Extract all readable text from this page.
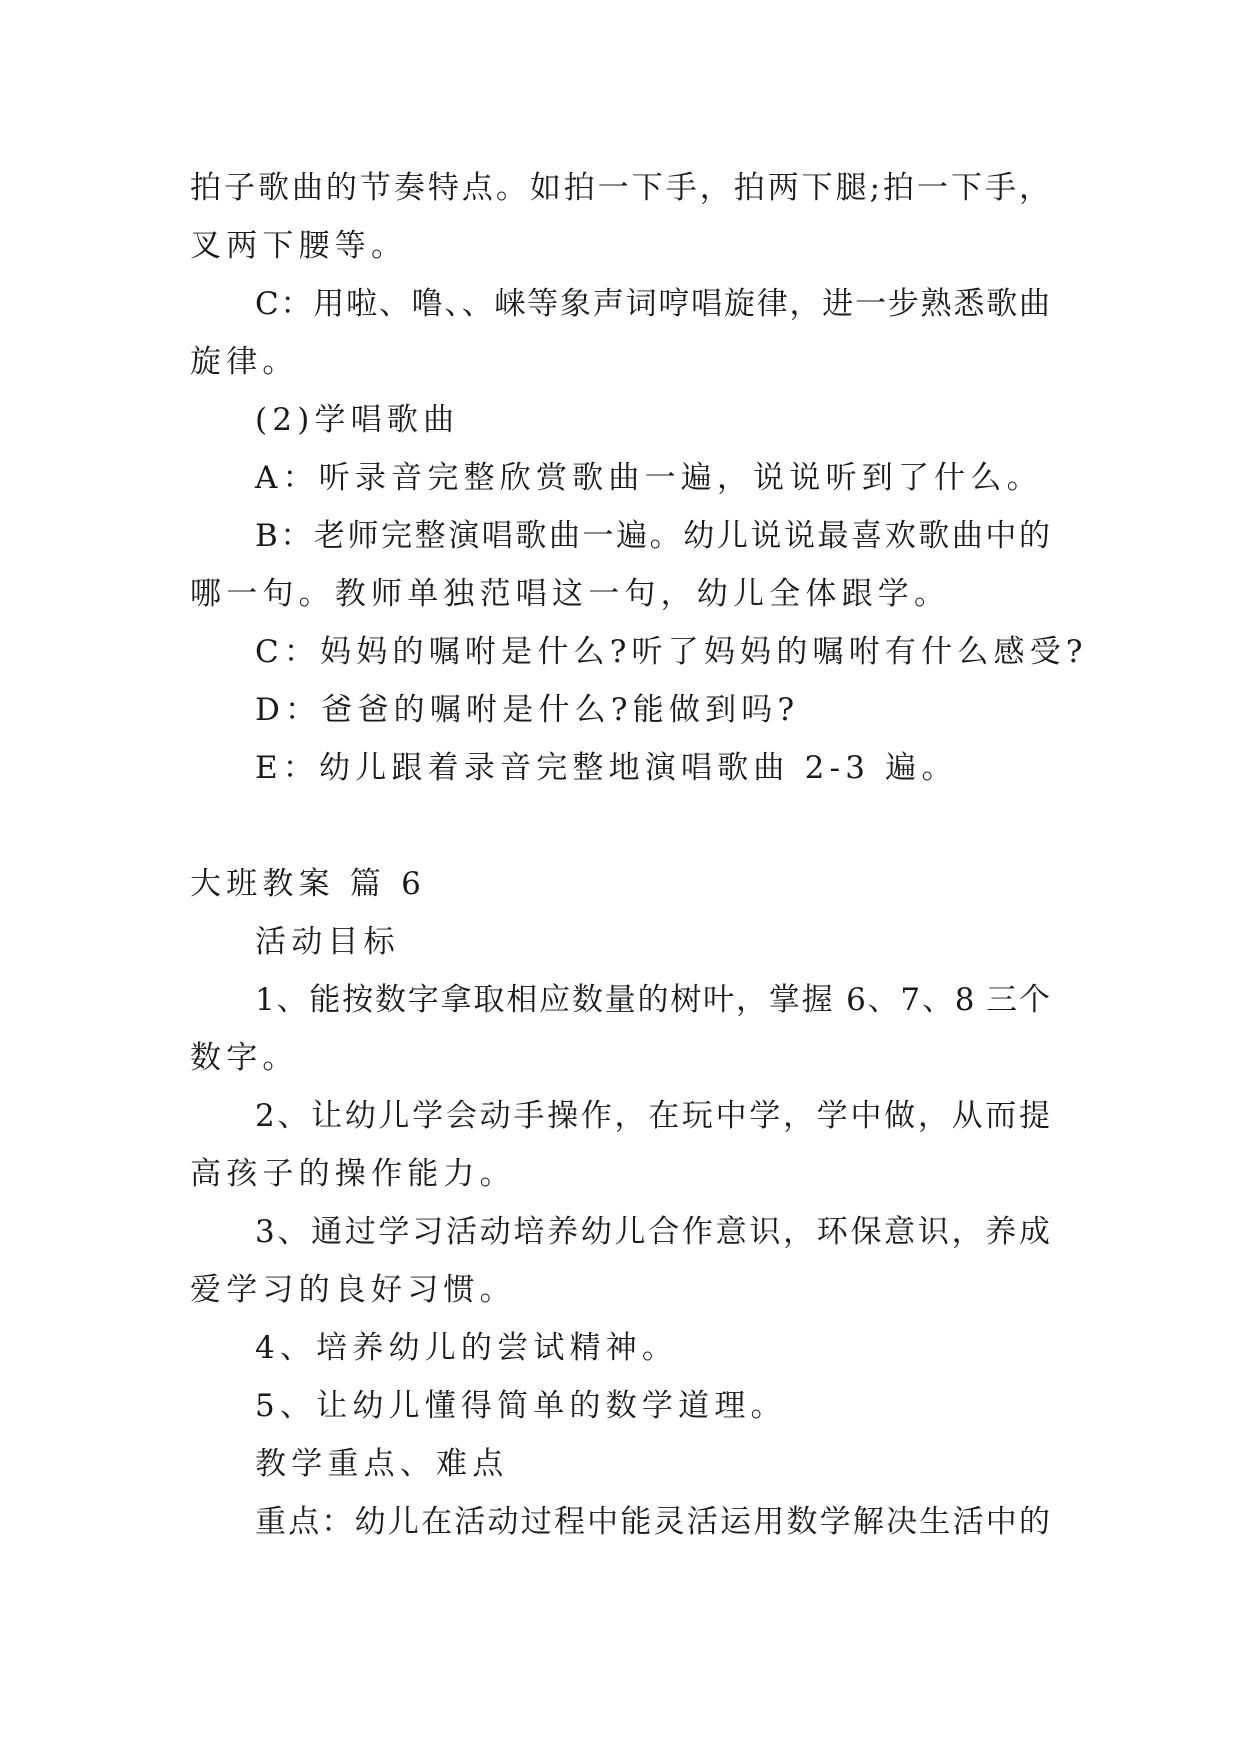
拍子歌曲的节奏特点。如拍一下手，拍两下腿;拍一下手，
叉两下腰等。
C：用啦、噜、、崃等象声词哼唱旋律，进一步熟悉歌曲
旋律。
(2)学唱歌曲
A：听录音完整欣赏歌曲一遍，说说听到了什么。
B：老师完整演唱歌曲一遍。幼儿说说最喜欢歌曲中的
哪一句。教师单独范唱这一句，幼儿全体跟学。
C：妈妈的嘱咐是什么?听了妈妈的嘱咐有什么感受?
D：爸爸的嘱咐是什么?能做到吗?
E：幼儿跟着录音完整地演唱歌曲 2-3 遍。
大班教案 篇 6
活动目标
1、能按数字拿取相应数量的树叶，掌握 6、7、8 三个
数字。
2、让幼儿学会动手操作，在玩中学，学中做，从而提
高孩子的操作能力。
3、通过学习活动培养幼儿合作意识，环保意识，养成
爱学习的良好习惯。
4、培养幼儿的尝试精神。
5、让幼儿懂得简单的数学道理。
教学重点、难点
重点：幼儿在活动过程中能灵活运用数学解决生活中的
